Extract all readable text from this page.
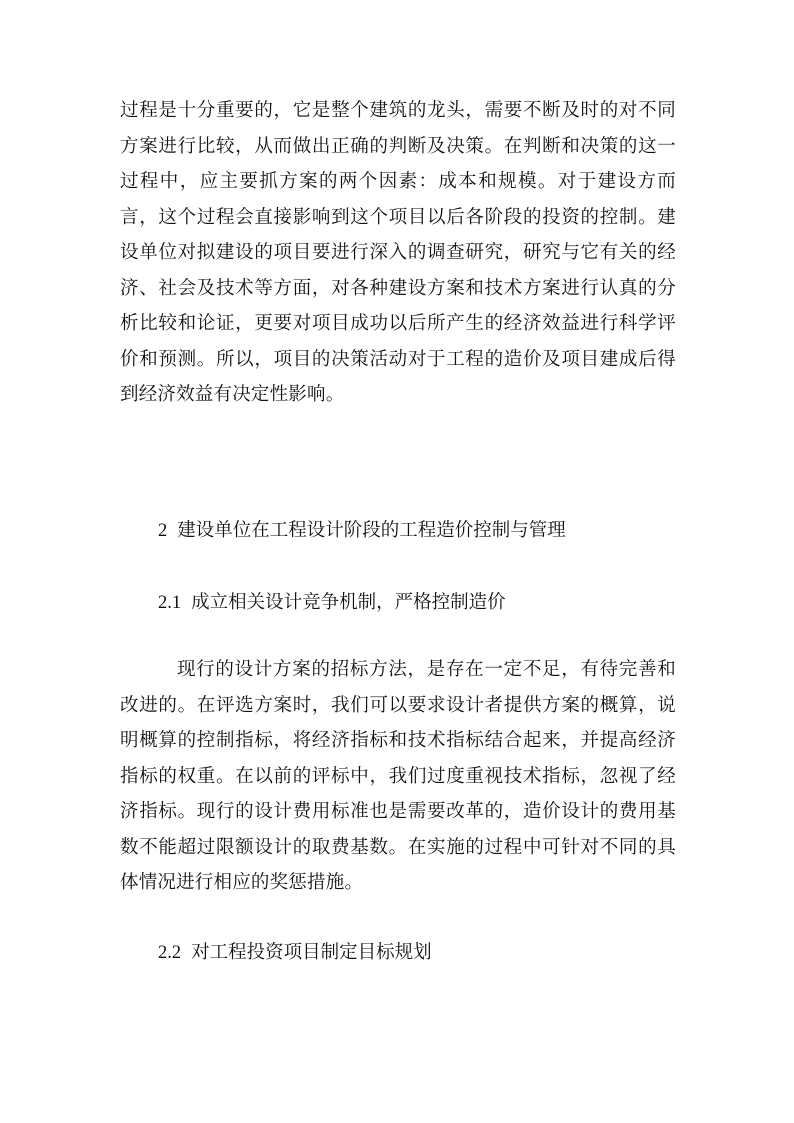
过程是十分重要的，它是整个建筑的龙头，需要不断及时的对不同方案进行比较，从而做出正确的判断及决策。在判断和决策的这一过程中，应主要抓方案的两个因素：成本和规模。对于建设方而言，这个过程会直接影响到这个项目以后各阶段的投资的控制。建设单位对拟建设的项目要进行深入的调查研究，研究与它有关的经济、社会及技术等方面，对各种建设方案和技术方案进行认真的分析比较和论证，更要对项目成功以后所产生的经济效益进行科学评价和预测。所以，项目的决策活动对于工程的造价及项目建成后得到经济效益有决定性影响。

2 建设单位在工程设计阶段的工程造价控制与管理
2.1 成立相关设计竞争机制，严格控制造价

现行的设计方案的招标方法，是存在一定不足，有待完善和改进的。在评选方案时，我们可以要求设计者提供方案的概算，说明概算的控制指标，将经济指标和技术指标结合起来，并提高经济指标的权重。在以前的评标中，我们过度重视技术指标，忽视了经济指标。现行的设计费用标准也是需要改革的，造价设计的费用基数不能超过限额设计的取费基数。在实施的过程中可针对不同的具体情况进行相应的奖惩措施。

2.2 对工程投资项目制定目标规划
